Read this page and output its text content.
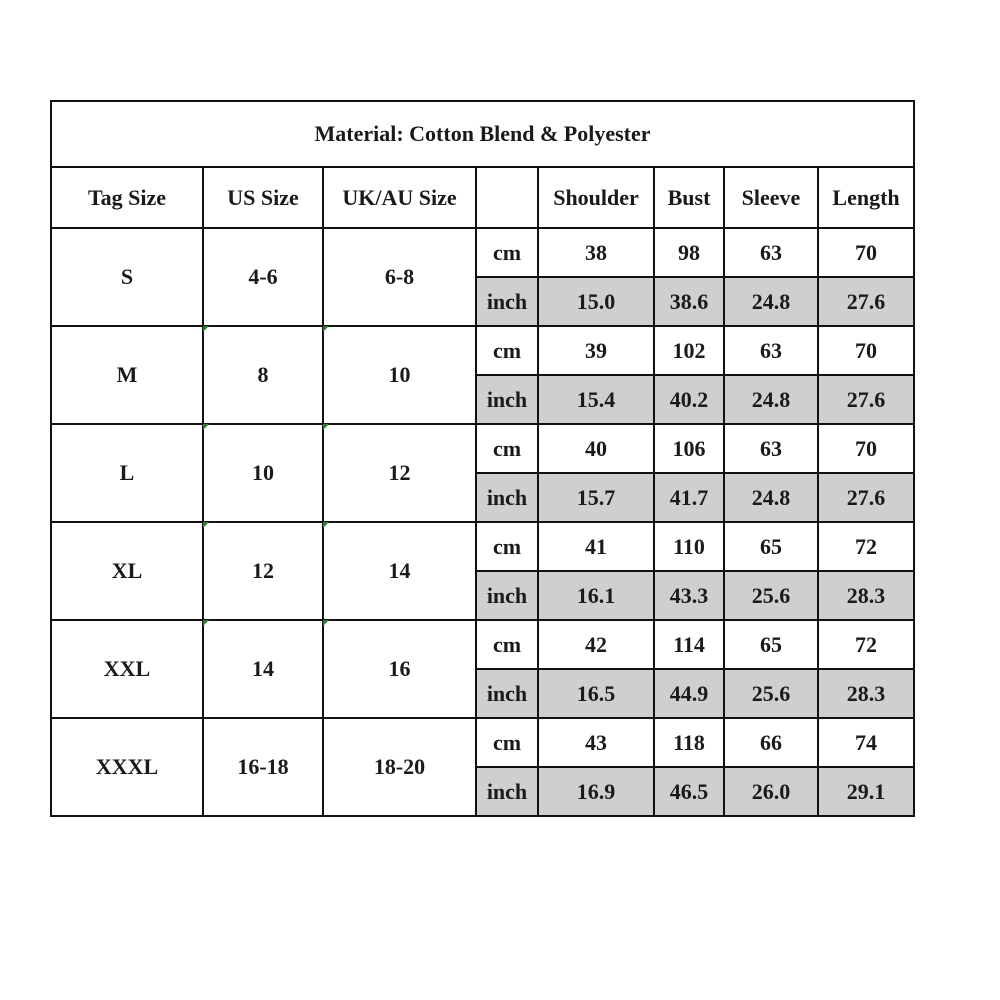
Material: Cotton Blend & Polyester							
Tag Size	US Size	UK/AU Size		Shoulder	Bust	Sleeve	Length
S	4-6	6-8	cm	38	98	63	70
			inch	15.0	38.6	24.8	27.6
M	8	10	cm	39	102	63	70
			inch	15.4	40.2	24.8	27.6
L	10	12	cm	40	106	63	70
			inch	15.7	41.7	24.8	27.6
XL	12	14	cm	41	110	65	72
			inch	16.1	43.3	25.6	28.3
XXL	14	16	cm	42	114	65	72
			inch	16.5	44.9	25.6	28.3
XXXL	16-18	18-20	cm	43	118	66	74
			inch	16.9	46.5	26.0	29.1
